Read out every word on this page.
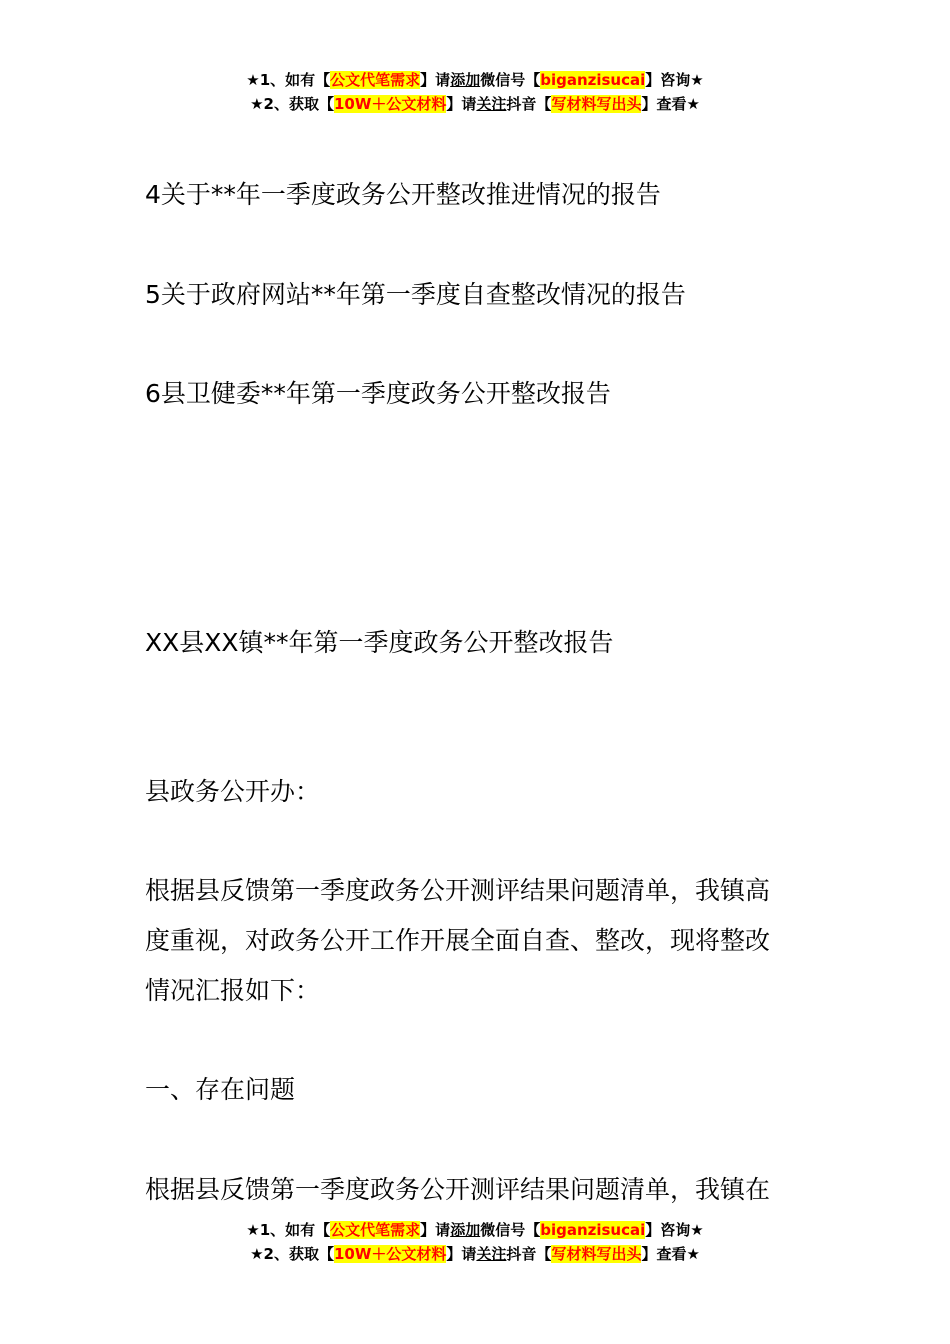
★1、如有【公文代笔需求】请添加微信号【biganzisucai】咨询★
★2、获取【10W＋公文材料】请关注抖音【写材料写出头】查看★
4关于**年一季度政务公开整改推进情况的报告
5关于政府网站**年第一季度自查整改情况的报告
6县卫健委**年第一季度政务公开整改报告
XX县XX镇**年第一季度政务公开整改报告
县政务公开办：
根据县反馈第一季度政务公开测评结果问题清单，我镇高
度重视，对政务公开工作开展全面自查、整改，现将整改
情况汇报如下：
一、存在问题
根据县反馈第一季度政务公开测评结果问题清单，我镇在
★1、如有【公文代笔需求】请添加微信号【biganzisucai】咨询★
★2、获取【10W＋公文材料】请关注抖音【写材料写出头】查看★
